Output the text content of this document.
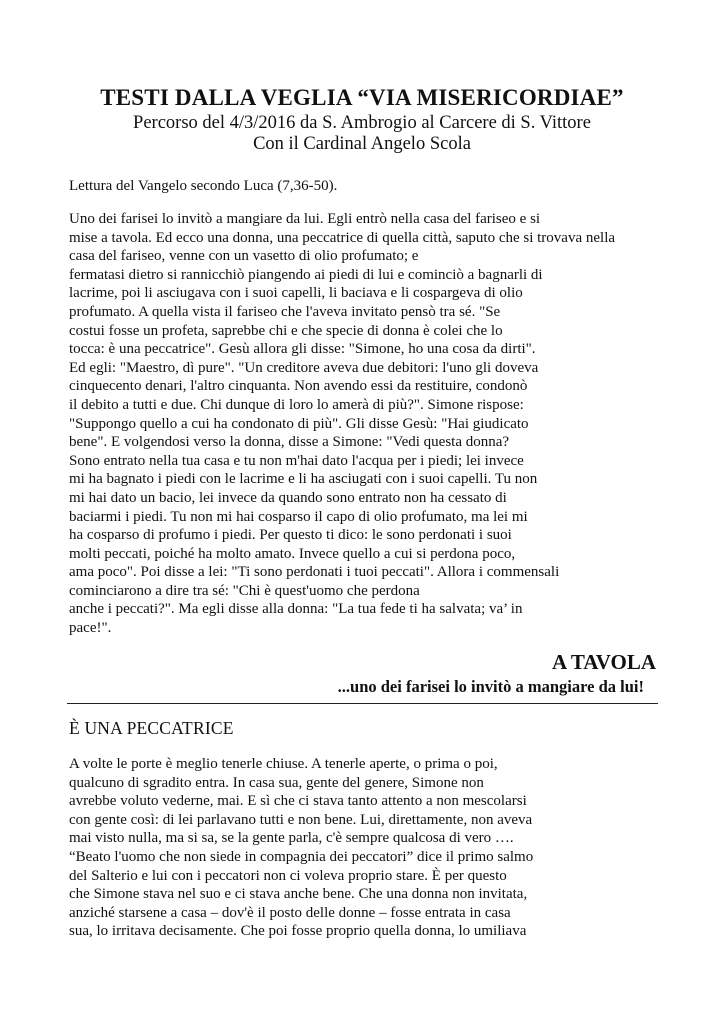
TESTI DALLA VEGLIA “VIA MISERICORDIAE”
Percorso del 4/3/2016 da S. Ambrogio al Carcere di S. Vittore
Con il Cardinal Angelo Scola
Lettura del Vangelo secondo Luca (7,36-50).
Uno dei farisei lo invitò a mangiare da lui. Egli entrò nella casa del fariseo e si
mise a tavola. Ed ecco una donna, una peccatrice di quella città, saputo che si trovava nella
casa del fariseo, venne con un vasetto di olio profumato; e
fermatasi dietro si rannicchiò piangendo ai piedi di lui e cominciò a bagnarli di
lacrime, poi li asciugava con i suoi capelli, li baciava e li cospargeva di olio
profumato. A quella vista il fariseo che l'aveva invitato pensò tra sé. "Se
costui fosse un profeta, saprebbe chi e che specie di donna è colei che lo
tocca: è una peccatrice". Gesù allora gli disse: "Simone, ho una cosa da dirti".
Ed egli: "Maestro, dì pure". "Un creditore aveva due debitori: l'uno gli doveva
cinquecento denari, l'altro cinquanta. Non avendo essi da restituire, condonò
il debito a tutti e due. Chi dunque di loro lo amerà di più?". Simone rispose:
"Suppongo quello a cui ha condonato di più". Gli disse Gesù: "Hai giudicato
bene". E volgendosi verso la donna, disse a Simone: "Vedi questa donna?
Sono entrato nella tua casa e tu non m'hai dato l'acqua per i piedi; lei invece
mi ha bagnato i piedi con le lacrime e li ha asciugati con i suoi capelli. Tu non
mi hai dato un bacio, lei invece da quando sono entrato non ha cessato di
baciarmi i piedi. Tu non mi hai cosparso il capo di olio profumato, ma lei mi
ha cosparso di profumo i piedi. Per questo ti dico: le sono perdonati i suoi
molti peccati, poiché ha molto amato. Invece quello a cui si perdona poco,
ama poco". Poi disse a lei: "Ti sono perdonati i tuoi peccati". Allora i commensali
cominciarono a dire tra sé: "Chi è quest'uomo che perdona
anche i peccati?". Ma egli disse alla donna: "La tua fede ti ha salvata; va’ in
pace!".
A TAVOLA
...uno dei farisei lo invitò a mangiare da lui!
È UNA PECCATRICE
A volte le porte è meglio tenerle chiuse. A tenerle aperte, o prima o poi,
qualcuno di sgradito entra. In casa sua, gente del genere, Simone non
avrebbe voluto vederne, mai. E sì che ci stava tanto attento a non mescolarsi
con gente così: di lei parlavano tutti e non bene. Lui, direttamente, non aveva
mai visto nulla, ma si sa, se la gente parla, c'è sempre qualcosa di vero ….
“Beato l'uomo che non siede in compagnia dei peccatori” dice il primo salmo
del Salterio e lui con i peccatori non ci voleva proprio stare. È per questo
che Simone stava nel suo e ci stava anche bene. Che una donna non invitata,
anziché starsene a casa – dov'è il posto delle donne – fosse entrata in casa
sua, lo irritava decisamente. Che poi fosse proprio quella donna, lo umiliava
